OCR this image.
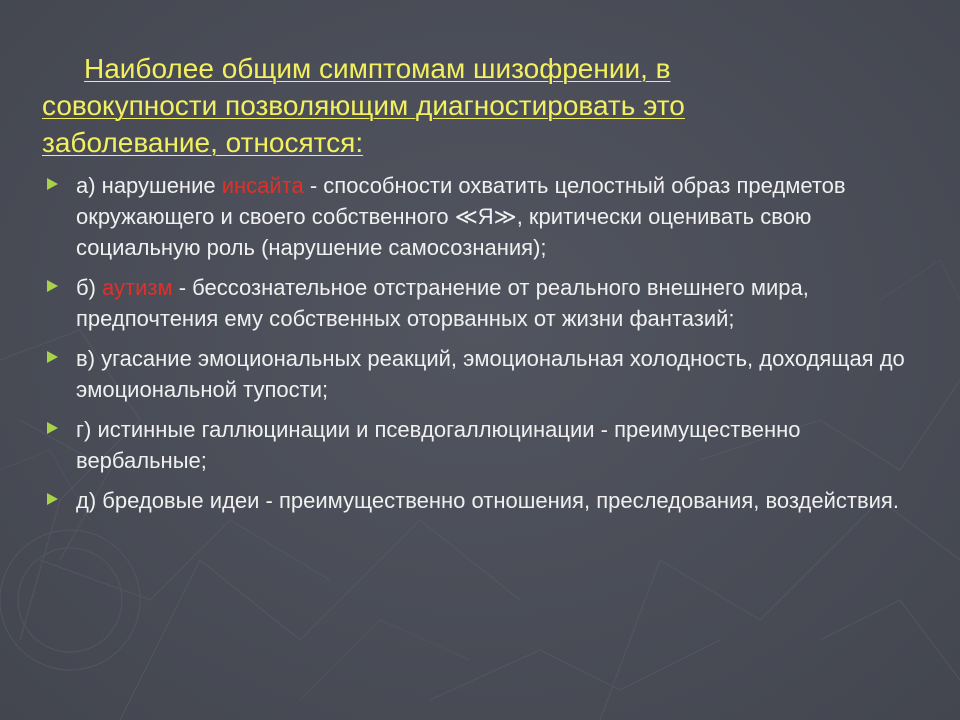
Наиболее общим симптомам шизофрении, в
совокупности позволяющим диагностировать это
заболевание, относятся:
а) нарушение инсайта - способности охватить целостный образ предметов окружающего и своего собственного ≪Я≫, критически оценивать свою социальную роль (нарушение самосознания);
б) аутизм - бессознательное отстранение от реального внешнего мира, предпочтения ему собственных оторванных от жизни фантазий;
в) угасание эмоциональных реакций, эмоциональная холодность, доходящая до эмоциональной тупости;
г) истинные галлюцинации и псевдогаллюцинации - преимущественно вербальные;
д) бредовые идеи - преимущественно отношения, преследования, воздействия.
